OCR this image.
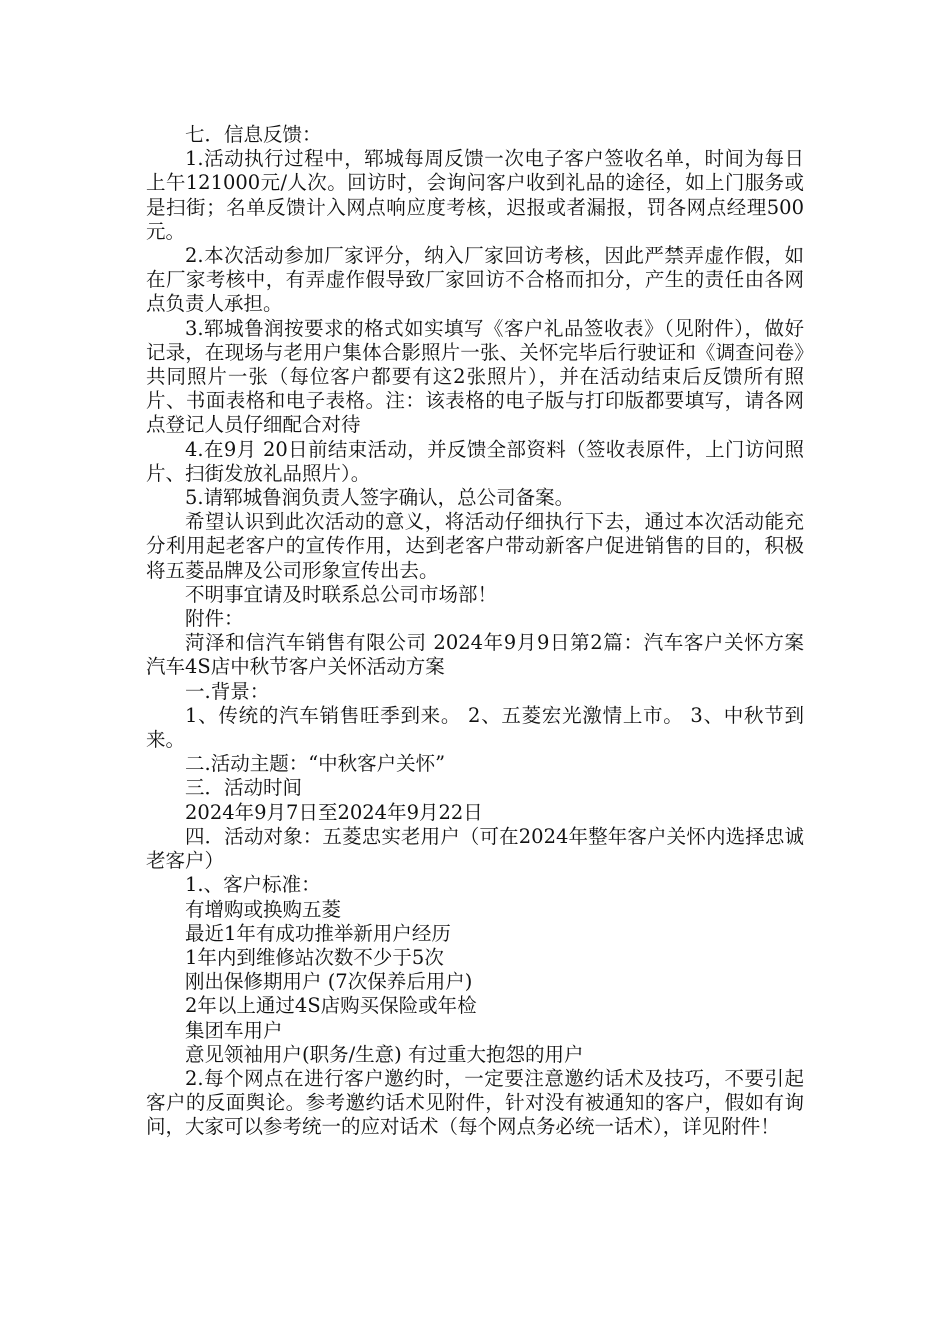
七．信息反馈：

1.活动执行过程中，郓城每周反馈一次电子客户签收名单，时间为每日上午121000元/人次。回访时，会询问客户收到礼品的途径，如上门服务或是扫街；名单反馈计入网点响应度考核，迟报或者漏报，罚各网点经理500元。

2.本次活动参加厂家评分，纳入厂家回访考核，因此严禁弄虚作假，如在厂家考核中，有弄虚作假导致厂家回访不合格而扣分，产生的责任由各网点负责人承担。

3.郓城鲁润按要求的格式如实填写《客户礼品签收表》（见附件），做好记录，在现场与老用户集体合影照片一张、关怀完毕后行驶证和《调查问卷》共同照片一张（每位客户都要有这2张照片），并在活动结束后反馈所有照片、书面表格和电子表格。注：该表格的电子版与打印版都要填写，请各网点登记人员仔细配合对待

4.在9月 20日前结束活动，并反馈全部资料（签收表原件，上门访问照片、扫街发放礼品照片）。

5.请郓城鲁润负责人签字确认，总公司备案。

希望认识到此次活动的意义，将活动仔细执行下去，通过本次活动能充分利用起老客户的宣传作用，达到老客户带动新客户促进销售的目的，积极将五菱品牌及公司形象宣传出去。

不明事宜请及时联系总公司市场部！

附件：

菏泽和信汽车销售有限公司 2024年9月9日第2篇：汽车客户关怀方案汽车4S店中秋节客户关怀活动方案

一.背景：

1、传统的汽车销售旺季到来。 2、五菱宏光激情上市。 3、中秋节到来。

二.活动主题：“中秋客户关怀”

三．活动时间

2024年9月7日至2024年9月22日

四．活动对象：五菱忠实老用户（可在2024年整年客户关怀内选择忠诚老客户）

1.、客户标准：

有增购或换购五菱

最近1年有成功推举新用户经历

1年内到维修站次数不少于5次

刚出保修期用户 (7次保养后用户)

2年以上通过4S店购买保险或年检

集团车用户

意见领袖用户(职务/生意) 有过重大抱怨的用户

2.每个网点在进行客户邀约时，一定要注意邀约话术及技巧，不要引起客户的反面舆论。参考邀约话术见附件，针对没有被通知的客户，假如有询问，大家可以参考统一的应对话术（每个网点务必统一话术），详见附件！
